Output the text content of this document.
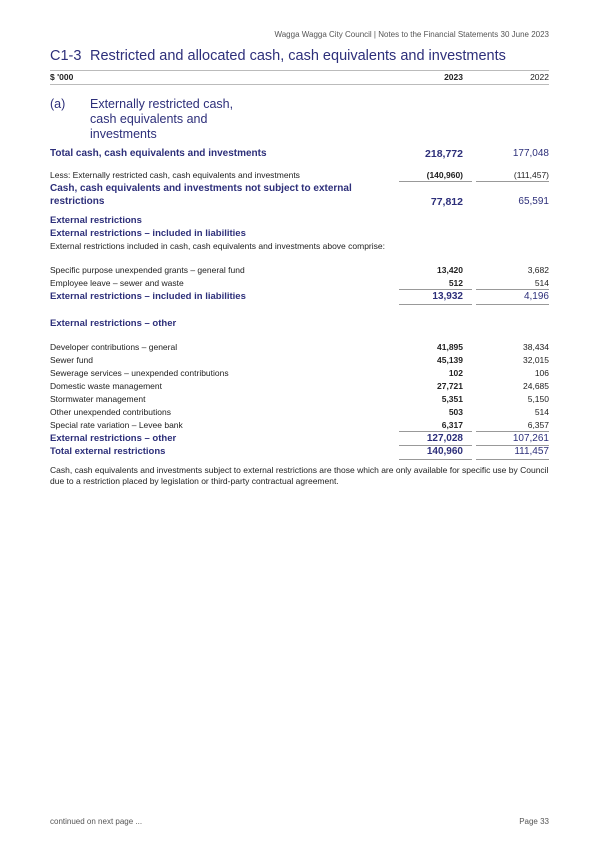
Wagga Wagga City Council | Notes to the Financial Statements 30 June 2023
C1-3 Restricted and allocated cash, cash equivalents and investments
$ '000	2023	2022
(a) Externally restricted cash, cash equivalents and investments
Total cash, cash equivalents and investments	218,772	177,048
Less: Externally restricted cash, cash equivalents and investments	(140,960)	(111,457)
Cash, cash equivalents and investments not subject to external
restrictions	77,812	65,591
External restrictions
External restrictions – included in liabilities
External restrictions included in cash, cash equivalents and investments above comprise:
Specific purpose unexpended grants – general fund	13,420	3,682
Employee leave – sewer and waste	512	514
External restrictions – included in liabilities	13,932	4,196
External restrictions – other
Developer contributions – general	41,895	38,434
Sewer fund	45,139	32,015
Sewerage services – unexpended contributions	102	106
Domestic waste management	27,721	24,685
Stormwater management	5,351	5,150
Other unexpended contributions	503	514
Special rate variation – Levee bank	6,317	6,357
External restrictions – other	127,028	107,261
Total external restrictions	140,960	111,457
Cash, cash equivalents and investments subject to external restrictions are those which are only available for specific use by Council due to a restriction placed by legislation or third-party contractual agreement.
continued on next page ...	Page 33
